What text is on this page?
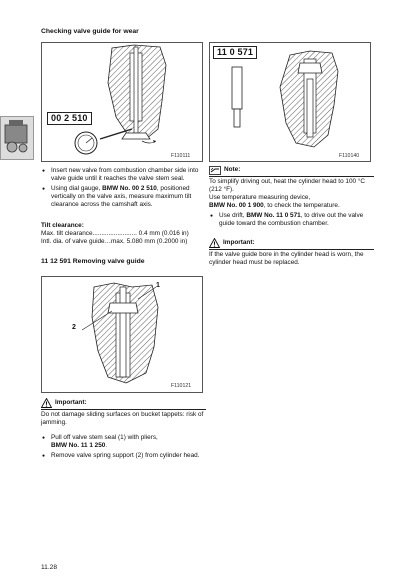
Checking valve guide for wear
00 2 510
F110111
● Insert new valve from combustion chamber side into valve guide until it reaches the valve stem seal.
● Using dial gauge, BMW No. 00 2 510, positioned vertically on the valve axis, measure maximum tilt clearance across the camshaft axis.
Tilt clearance:
Max. tilt clearance......................... 0.4 mm (0.016 in)
Intl. dia. of valve guide…max. 5.080 mm (0.2000 in)
11 12 591 Removing valve guide
1
2
F110121
Important:
Do not damage sliding surfaces on bucket tappets: risk of jamming.
● Pull off valve stem seal (1) with pliers,
BMW No. 11 1 250.
● Remove valve spring support (2) from cylinder head.
11 0 571
F110140
Note:
To simplify driving out, heat the cylinder head to 100 °C (212 °F).
Use temperature measuring device,
BMW No. 00 1 900, to check the temperature.
● Use drift, BMW No. 11 0 571, to drive out the valve guide toward the combustion chamber.
Important:
If the valve guide bore in the cylinder head is worn, the cylinder head must be replaced.
11.28
